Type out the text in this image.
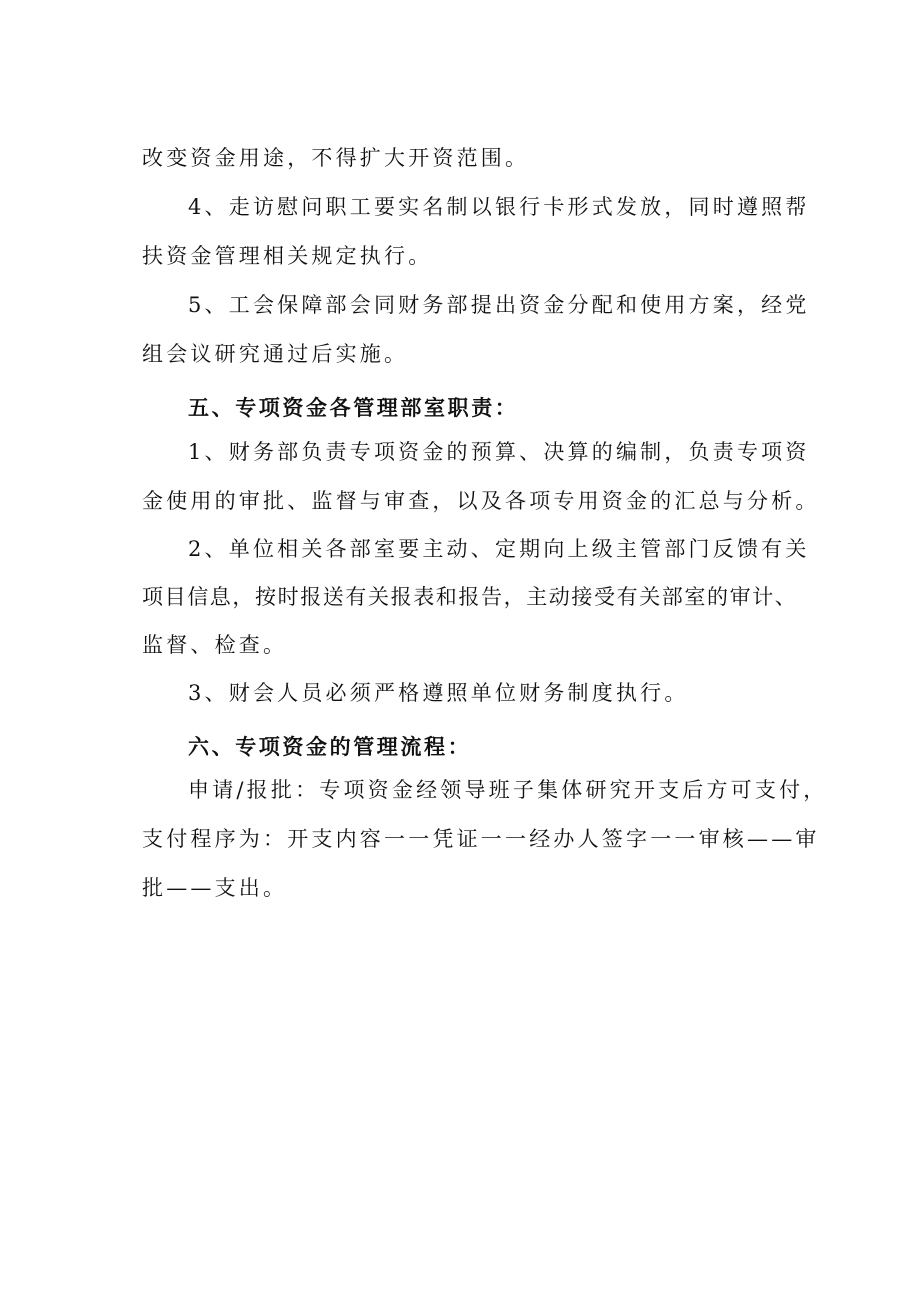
改变资金用途，不得扩大开资范围。
4、走访慰问职工要实名制以银行卡形式发放，同时遵照帮
扶资金管理相关规定执行。
5、工会保障部会同财务部提出资金分配和使用方案，经党
组会议研究通过后实施。
五、专项资金各管理部室职责：
1、财务部负责专项资金的预算、决算的编制，负责专项资
金使用的审批、监督与审查，以及各项专用资金的汇总与分析。
2、单位相关各部室要主动、定期向上级主管部门反馈有关
项目信息，按时报送有关报表和报告，主动接受有关部室的审计、
监督、检查。
3、财会人员必须严格遵照单位财务制度执行。
六、专项资金的管理流程：
申请/报批：专项资金经领导班子集体研究开支后方可支付，
支付程序为：开支内容一一凭证一一经办人签字一一审核——审
批——支出。
